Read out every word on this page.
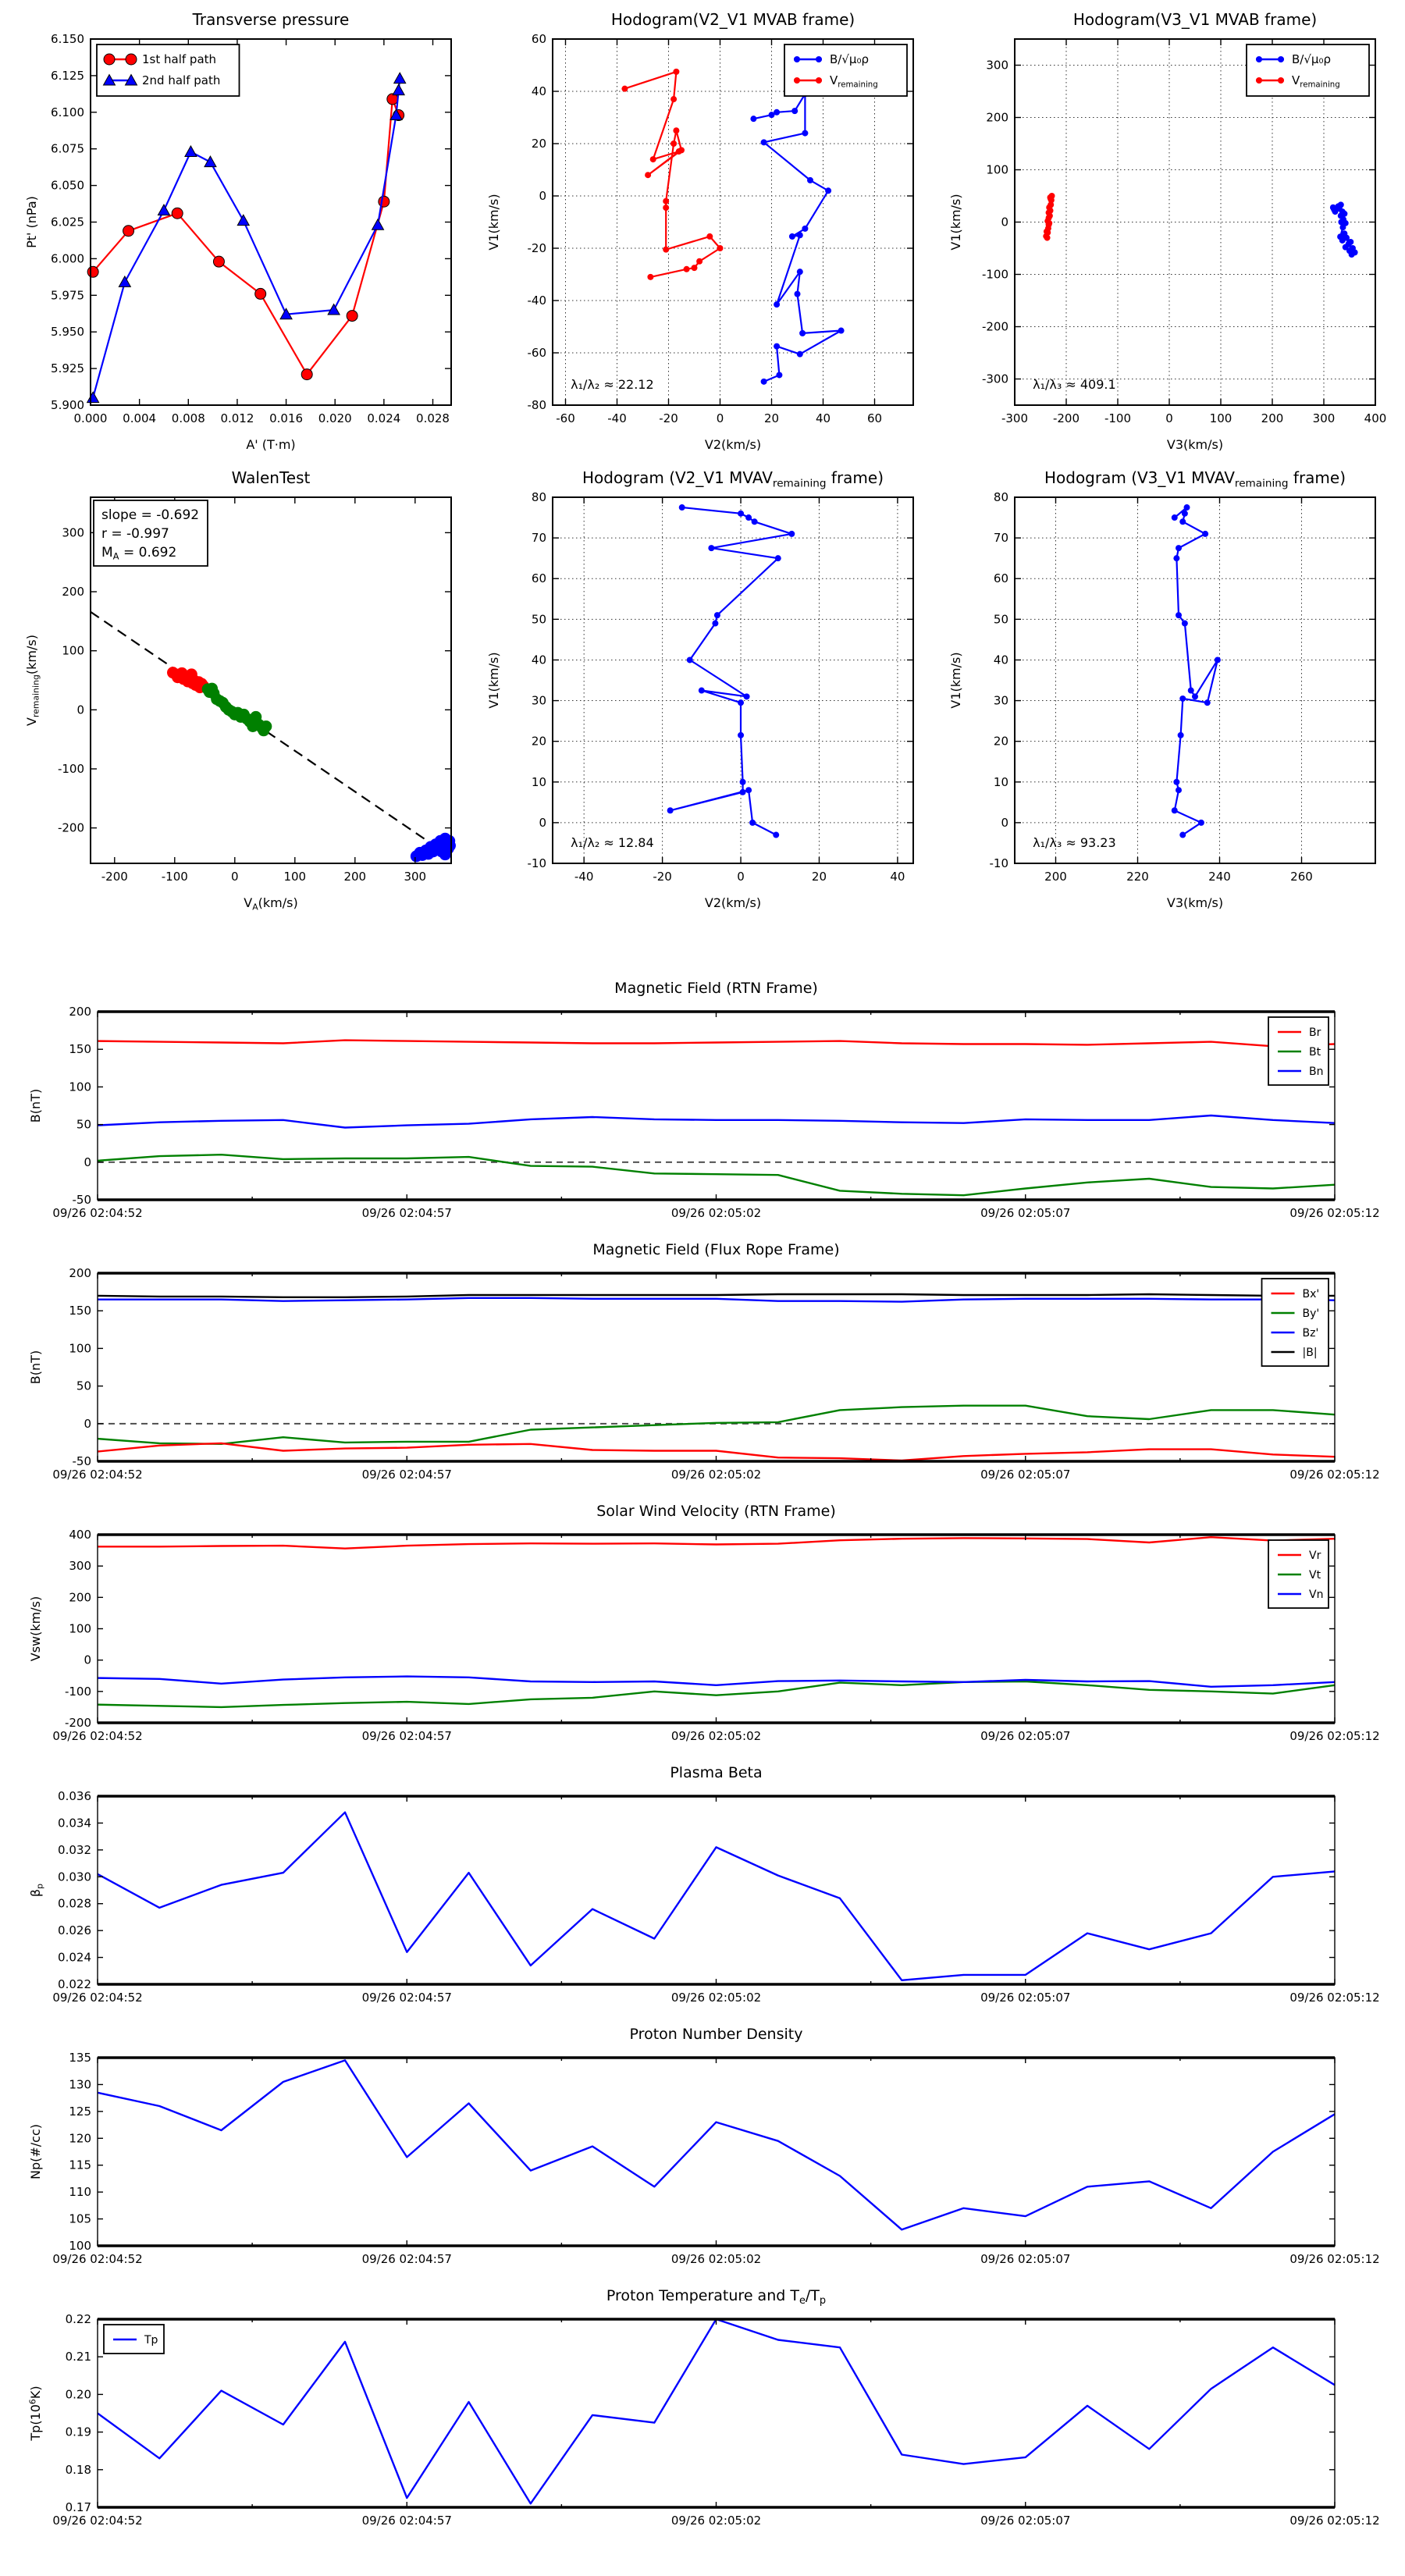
0.000 0.004 0.008 0.012 0.016 0.020 0.024 0.028
5.900
5.925
5.950
5.975
6.000
6.025
6.050
6.075
6.100
6.125
6.150
Transverse pressure
A' (T·m)
Pt' (nPa)
1st half path
2nd half path
-60	-40	-20	0	20	40	60
-80
-60
-40
-20
0
20
40
60
Hodogram(V2_V1 MVAB frame)
V2(km/s)
V1(km/s)
λ₁/λ₂ ≈ 22.12
B/√μ₀ρ
$V_{remaining}$
-300 -200 -100	0	100 200 300 400
-300
-200
-100
0
100
200
300
Hodogram(V3_V1 MVAB frame)
V3(km/s)
V1(km/s)
λ₁/λ₃ ≈ 409.1
B/√μ₀ρ
$V_{remaining}$
-200	-100	0	100	200	300
-200
-100
0
100
200
300
WalenTest
$V_A(km/s)$
$V_{remaining}(km/s)$
slope = -0.692
r = -0.997
$M_A = 0.692$
-40	-20	0	20	40
-10
0
10
20
30
40
50
60
70
80
Hodogram (V2_V1 $MVAV_{remaining}$ frame)
V2(km/s)
V1(km/s)
λ₁/λ₂ ≈ 12.84
200	220	240	260
-10
0
10
20
30
40
50
60
70
80
Hodogram (V3_V1 $MVAV_{remaining}$ frame)
V3(km/s)
V1(km/s)
λ₁/λ₃ ≈ 93.23
09/26 02:04:52	09/26 02:04:57	09/26 02:05:02	09/26 02:05:07	09/26 02:05:12
-50
0
50
100
150
200
Magnetic Field (RTN Frame)
B(nT)
Br
Bt
Bn
09/26 02:04:52	09/26 02:04:57	09/26 02:05:02	09/26 02:05:07	09/26 02:05:12
-50
0
50
100
150
200
Magnetic Field (Flux Rope Frame)
B(nT)
Bx'
By'
Bz'
|B|
09/26 02:04:52	09/26 02:04:57	09/26 02:05:02	09/26 02:05:07	09/26 02:05:12
-200
-100
0
100
200
300
400
Solar Wind Velocity (RTN Frame)
Vsw(km/s)
Vr
Vt
Vn
09/26 02:04:52	09/26 02:04:57	09/26 02:05:02	09/26 02:05:07	09/26 02:05:12
0.022
0.024
0.026
0.028
0.030
0.032
0.034
0.036
Plasma Beta
$\beta_p$
09/26 02:04:52	09/26 02:04:57	09/26 02:05:02	09/26 02:05:07	09/26 02:05:12
100
105
110
115
120
125
130
135
Proton Number Density
Np(#/cc)
09/26 02:04:52	09/26 02:04:57	09/26 02:05:02	09/26 02:05:07	09/26 02:05:12
0.17
0.18
0.19
0.20
0.21
0.22
Proton Temperature and $T_e/T_p$
$Tp(10^6K)$
Tp
